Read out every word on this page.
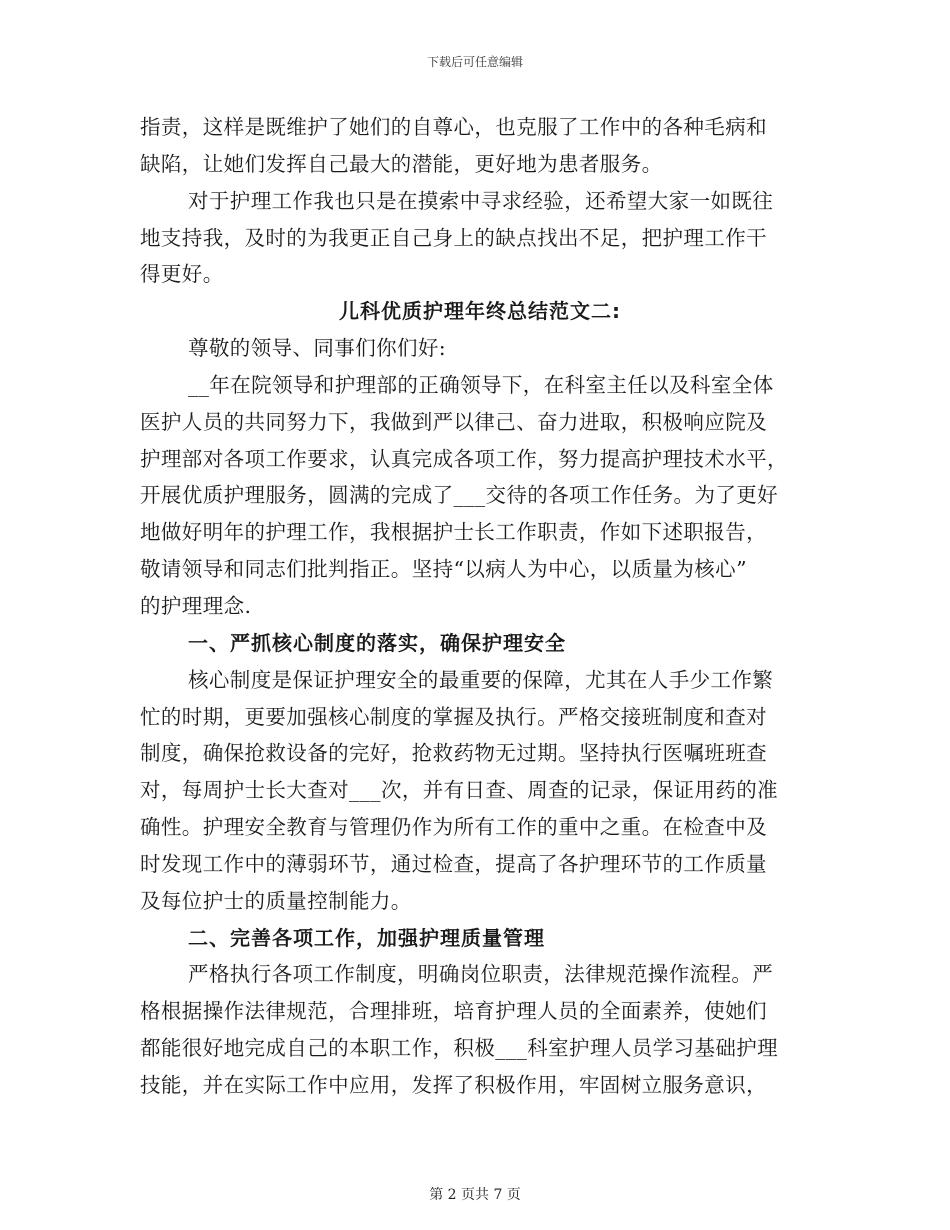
下载后可任意编辑
指责，这样是既维护了她们的自尊心，也克服了工作中的各种毛病和
缺陷，让她们发挥自己最大的潜能，更好地为患者服务。
对于护理工作我也只是在摸索中寻求经验，还希望大家一如既往
地支持我，及时的为我更正自己身上的缺点找出不足，把护理工作干
得更好。
儿科优质护理年终总结范文二:
尊敬的领导、同事们你们好:
__年在院领导和护理部的正确领导下，在科室主任以及科室全体
医护人员的共同努力下，我做到严以律己、奋力进取，积极响应院及
护理部对各项工作要求，认真完成各项工作，努力提高护理技术水平，
开展优质护理服务，圆满的完成了___交待的各项工作任务。为了更好
地做好明年的护理工作，我根据护士长工作职责，作如下述职报告，
敬请领导和同志们批判指正。坚持“以病人为中心，以质量为核心”
的护理理念.
一、严抓核心制度的落实，确保护理安全
核心制度是保证护理安全的最重要的保障，尤其在人手少工作繁
忙的时期，更要加强核心制度的掌握及执行。严格交接班制度和查对
制度，确保抢救设备的完好，抢救药物无过期。坚持执行医嘱班班查
对，每周护士长大查对___次，并有日查、周查的记录，保证用药的准
确性。护理安全教育与管理仍作为所有工作的重中之重。在检查中及
时发现工作中的薄弱环节，通过检查，提高了各护理环节的工作质量
及每位护士的质量控制能力。
二、完善各项工作，加强护理质量管理
严格执行各项工作制度，明确岗位职责，法律规范操作流程。严
格根据操作法律规范，合理排班，培育护理人员的全面素养，使她们
都能很好地完成自己的本职工作，积极___科室护理人员学习基础护理
技能，并在实际工作中应用，发挥了积极作用，牢固树立服务意识，
第 2 页共 7 页
